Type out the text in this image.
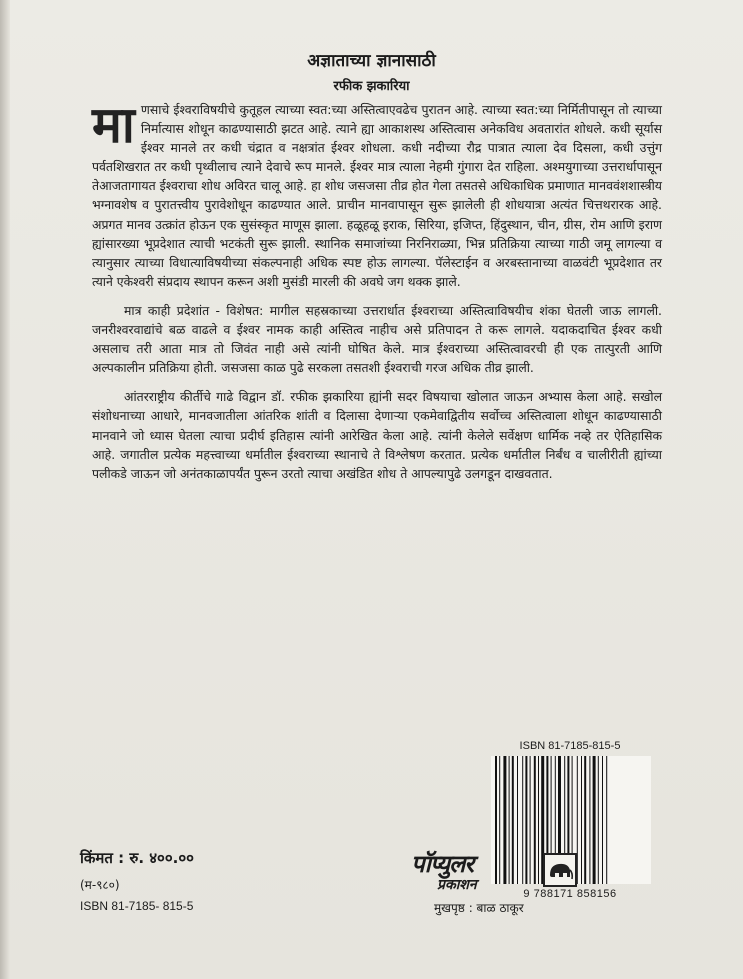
अज्ञाताच्या ज्ञानासाठी
रफीक झकारिया

माणसाचे ईश्वराविषयीचे कुतूहल त्याच्या स्वत:च्या अस्तित्वाएवढेच पुरातन आहे. त्याच्या स्वत:च्या निर्मितीपासून तो त्याच्या निर्मात्यास शोधून काढण्यासाठी झटत आहे. त्याने ह्या आकाशस्थ अस्तित्वास अनेकविध अवतारांत शोधले. कधी सूर्यास ईश्वर मानले तर कधी चंद्रात व नक्षत्रांत ईश्वर शोधला. कधी नदीच्या रौद्र पात्रात त्याला देव दिसला, कधी उत्तुंग पर्वतशिखरात तर कधी पृथ्वीलाच त्याने देवाचे रूप मानले. ईश्वर मात्र त्याला नेहमी गुंगारा देत राहिला. अश्मयुगाच्या उत्तरार्धापासून तेआजतागायत ईश्वराचा शोध अविरत चालू आहे. हा शोध जसजसा तीव्र होत गेला तसतसे अधिकाधिक प्रमाणात मानववंशशास्त्रीय भग्नावशेष व पुरातत्त्वीय पुरावेशोधून काढण्यात आले. प्राचीन मानवापासून सुरू झालेली ही शोधयात्रा अत्यंत चित्तथरारक आहे. अप्रगत मानव उत्क्रांत होऊन एक सुसंस्कृत माणूस झाला. हळूहळू इराक, सिरिया, इजिप्त, हिंदुस्थान, चीन, ग्रीस, रोम आणि इराण ह्यांसारख्या भूप्रदेशात त्याची भटकंती सुरू झाली. स्थानिक समाजांच्या निरनिराळ्या, भिन्न प्रतिक्रिया त्याच्या गाठी जमू लागल्या व त्यानुसार त्याच्या विधात्याविषयीच्या संकल्पनाही अधिक स्पष्ट होऊ लागल्या. पॅलेस्टाईन व अरबस्तानाच्या वाळवंटी भूप्रदेशात तर त्याने एकेश्वरी संप्रदाय स्थापन करून अशी मुसंडी मारली की अवघे जग थक्क झाले.

मात्र काही प्रदेशांत - विशेषत: मागील सहस्रकाच्या उत्तरार्धात ईश्वराच्या अस्तित्वाविषयीच शंका घेतली जाऊ लागली. जनरीश्वरवाद्यांचे बळ वाढले व ईश्वर नामक काही अस्तित्व नाहीच असे प्रतिपादन ते करू लागले. यदाकदाचित ईश्वर कधी असलाच तरी आता मात्र तो जिवंत नाही असे त्यांनी घोषित केले. मात्र ईश्वराच्या अस्तित्वावरची ही एक तात्पुरती आणि अल्पकालीन प्रतिक्रिया होती. जसजसा काळ पुढे सरकला तसतशी ईश्वराची गरज अधिक तीव्र झाली.

आंतरराष्ट्रीय कीर्तीचे गाढे विद्वान डॉ. रफीक झकारिया ह्यांनी सदर विषयाचा खोलात जाऊन अभ्यास केला आहे. सखोल संशोधनाच्या आधारे, मानवजातीला आंतरिक शांती व दिलासा देणाऱ्या एकमेवाद्वितीय सर्वोच्च अस्तित्वाला शोधून काढण्यासाठी मानवाने जो ध्यास घेतला त्याचा प्रदीर्घ इतिहास त्यांनी आरेखित केला आहे. त्यांनी केलेले सर्वेक्षण धार्मिक नव्हे तर ऐतिहासिक आहे. जगातील प्रत्येक महत्त्वाच्या धर्मातील ईश्वराच्या स्थानाचे ते विश्लेषण करतात. प्रत्येक धर्मातील निर्बंध व चालीरीती ह्यांच्या पलीकडे जाऊन जो अनंतकाळापर्यंत पुरून उरतो त्याचा अखंडित शोध ते आपल्यापुढे उलगडून दाखवतात.

ISBN 81-7185-815-5
9 788171 858156
किंमत : रु. ४००.००
(म-९८०)
ISBN 81-7185- 815-5
पॉप्युलर
प्रकाशन
मुखपृष्ठ : बाळ ठाकूर
